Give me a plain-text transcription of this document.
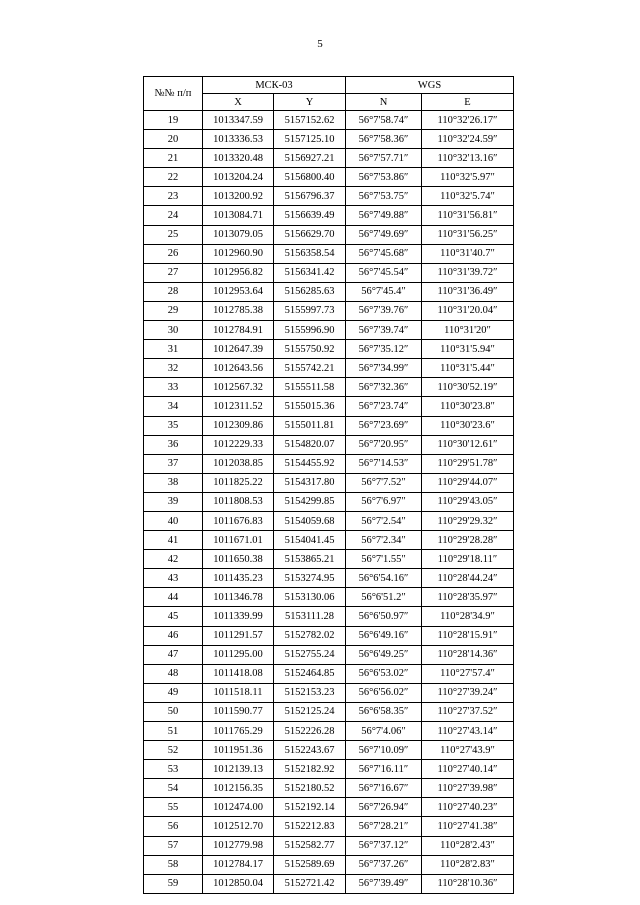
5
№№ п/п	МСК-03		WGS	
	X	Y	N	E
19	1013347.59	5157152.62	56°7'58.74″	110°32'26.17″
20	1013336.53	5157125.10	56°7'58.36″	110°32'24.59″
21	1013320.48	5156927.21	56°7'57.71″	110°32'13.16″
22	1013204.24	5156800.40	56°7'53.86″	110°32'5.97″
23	1013200.92	5156796.37	56°7'53.75″	110°32'5.74″
24	1013084.71	5156639.49	56°7'49.88″	110°31'56.81″
25	1013079.05	5156629.70	56°7'49.69″	110°31'56.25″
26	1012960.90	5156358.54	56°7'45.68″	110°31'40.7″
27	1012956.82	5156341.42	56°7'45.54″	110°31'39.72″
28	1012953.64	5156285.63	56°7'45.4″	110°31'36.49″
29	1012785.38	5155997.73	56°7'39.76″	110°31'20.04″
30	1012784.91	5155996.90	56°7'39.74″	110°31'20″
31	1012647.39	5155750.92	56°7'35.12″	110°31'5.94″
32	1012643.56	5155742.21	56°7'34.99″	110°31'5.44″
33	1012567.32	5155511.58	56°7'32.36″	110°30'52.19″
34	1012311.52	5155015.36	56°7'23.74″	110°30'23.8″
35	1012309.86	5155011.81	56°7'23.69″	110°30'23.6″
36	1012229.33	5154820.07	56°7'20.95″	110°30'12.61″
37	1012038.85	5154455.92	56°7'14.53″	110°29'51.78″
38	1011825.22	5154317.80	56°7'7.52″	110°29'44.07″
39	1011808.53	5154299.85	56°7'6.97″	110°29'43.05″
40	1011676.83	5154059.68	56°7'2.54″	110°29'29.32″
41	1011671.01	5154041.45	56°7'2.34″	110°29'28.28″
42	1011650.38	5153865.21	56°7'1.55″	110°29'18.11″
43	1011435.23	5153274.95	56°6'54.16″	110°28'44.24″
44	1011346.78	5153130.06	56°6'51.2″	110°28'35.97″
45	1011339.99	5153111.28	56°6'50.97″	110°28'34.9″
46	1011291.57	5152782.02	56°6'49.16″	110°28'15.91″
47	1011295.00	5152755.24	56°6'49.25″	110°28'14.36″
48	1011418.08	5152464.85	56°6'53.02″	110°27'57.4″
49	1011518.11	5152153.23	56°6'56.02″	110°27'39.24″
50	1011590.77	5152125.24	56°6'58.35″	110°27'37.52″
51	1011765.29	5152226.28	56°7'4.06″	110°27'43.14″
52	1011951.36	5152243.67	56°7'10.09″	110°27'43.9″
53	1012139.13	5152182.92	56°7'16.11″	110°27'40.14″
54	1012156.35	5152180.52	56°7'16.67″	110°27'39.98″
55	1012474.00	5152192.14	56°7'26.94″	110°27'40.23″
56	1012512.70	5152212.83	56°7'28.21″	110°27'41.38″
57	1012779.98	5152582.77	56°7'37.12″	110°28'2.43″
58	1012784.17	5152589.69	56°7'37.26″	110°28'2.83″
59	1012850.04	5152721.42	56°7'39.49″	110°28'10.36″
